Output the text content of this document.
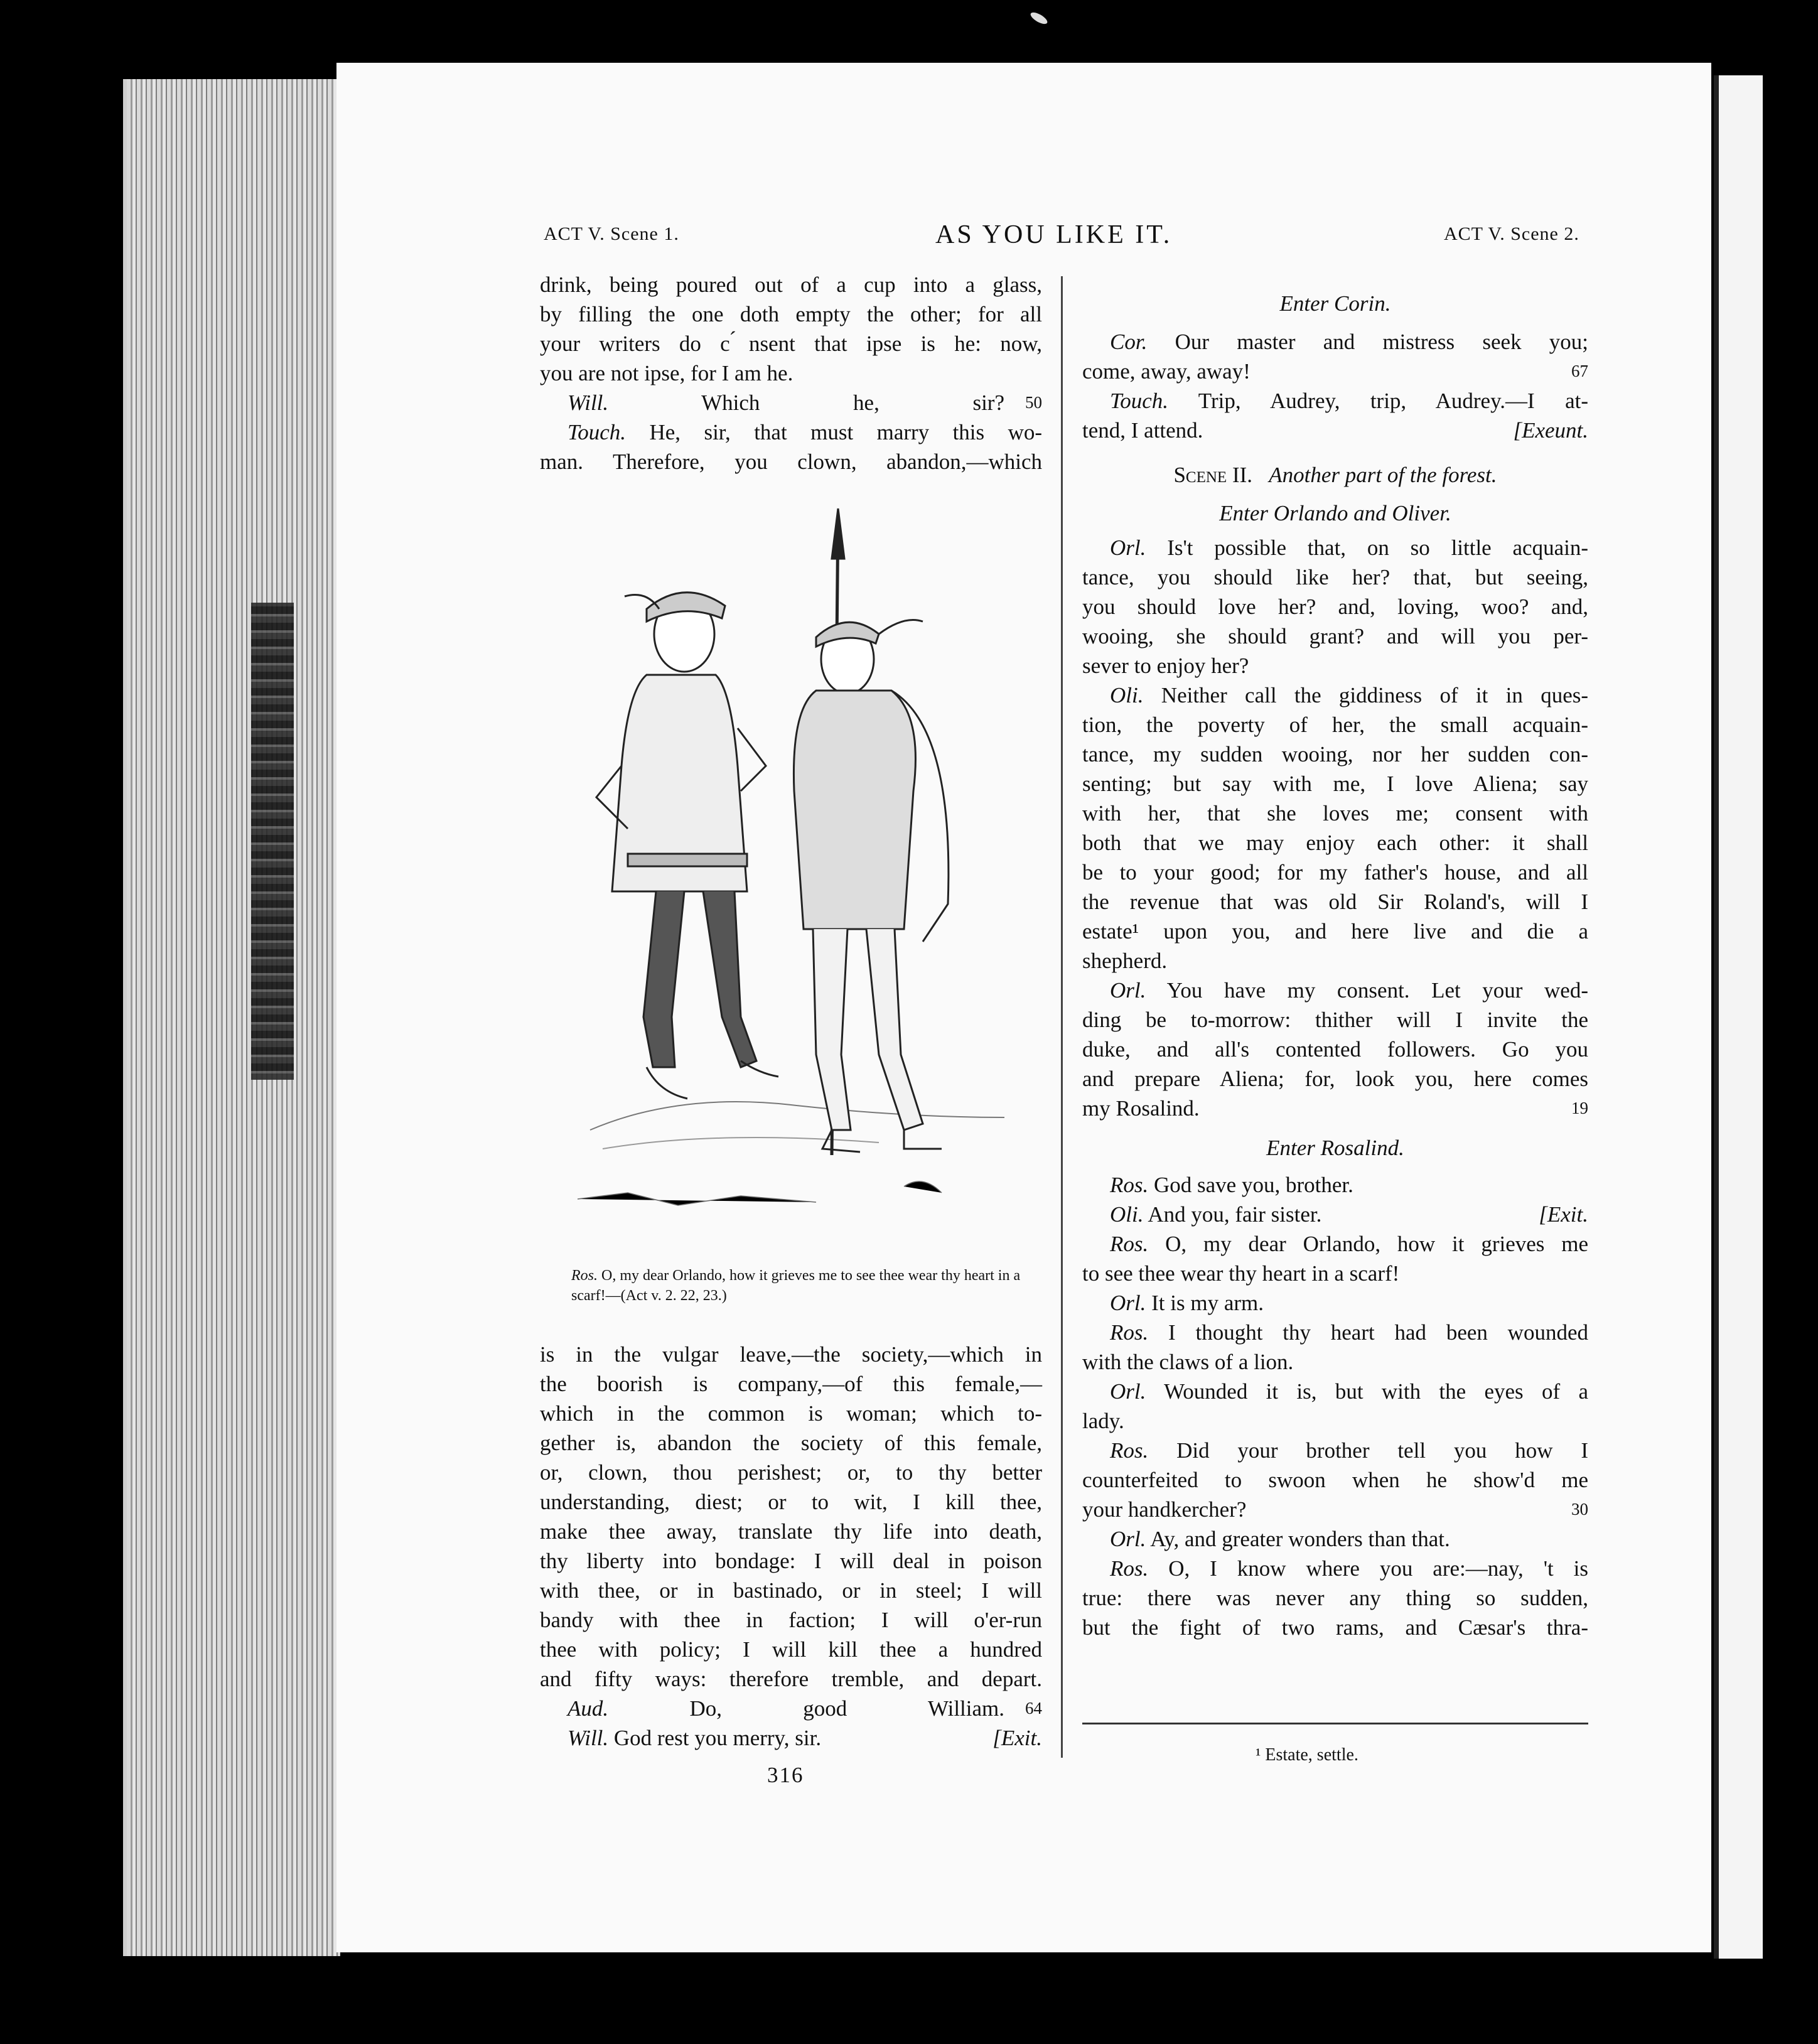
ACT V. Scene 1.	AS YOU LIKE IT.	ACT V. Scene 2.
drink, being poured out of a cup into a glass,
by filling the one doth empty the other; for all
your writers do c ́nsent that ipse is he: now,
you are not ipse, for I am he.
Will.	Which he, sir?	50
Touch. He, sir, that must marry this wo-
man. Therefore, you clown, abandon,—which
Ros. O, my dear Orlando, how it grieves me to see thee wear thy heart in a scarf!—(Act v. 2. 22, 23.)
is in the vulgar leave,—the society,—which in
the boorish is company,—of this female,—
which in the common is woman; which to-
gether is, abandon the society of this female,
or, clown, thou perishest; or, to thy better
understanding, diest; or to wit, I kill thee,
make thee away, translate thy life into death,
thy liberty into bondage: I will deal in poison
with thee, or in bastinado, or in steel; I will
bandy with thee in faction; I will o'er-run
thee with policy; I will kill thee a hundred
and fifty ways: therefore tremble, and depart.
Aud.	Do, good William.	64
Will. God rest you merry, sir.	[Exit.
316
Enter Corin.
Cor. Our master and mistress seek you;
come, away, away!	67
Touch. Trip, Audrey, trip, Audrey.—I at-
tend, I attend.	[Exeunt.
Scene II. Another part of the forest.
Enter Orlando and Oliver.
Orl. Is't possible that, on so little acquain-
tance, you should like her? that, but seeing,
you should love her? and, loving, woo? and,
wooing, she should grant? and will you per-
sever to enjoy her?
Oli. Neither call the giddiness of it in ques-
tion, the poverty of her, the small acquain-
tance, my sudden wooing, nor her sudden con-
senting; but say with me, I love Aliena; say
with her, that she loves me; consent with
both that we may enjoy each other: it shall
be to your good; for my father's house, and all
the revenue that was old Sir Roland's, will I
estate¹ upon you, and here live and die a
shepherd.
Orl. You have my consent. Let your wed-
ding be to-morrow: thither will I invite the
duke, and all's contented followers. Go you
and prepare Aliena; for, look you, here comes
my Rosalind.	19
Enter Rosalind.
Ros. God save you, brother.
Oli. And you, fair sister.	[Exit.
Ros. O, my dear Orlando, how it grieves me
to see thee wear thy heart in a scarf!
Orl. It is my arm.
Ros. I thought thy heart had been wounded
with the claws of a lion.
Orl. Wounded it is, but with the eyes of a
lady.
Ros. Did your brother tell you how I
counterfeited to swoon when he show'd me
your handkercher?	30
Orl. Ay, and greater wonders than that.
Ros. O, I know where you are:—nay, 't is
true: there was never any thing so sudden,
but the fight of two rams, and Cæsar's thra-
¹ Estate, settle.
